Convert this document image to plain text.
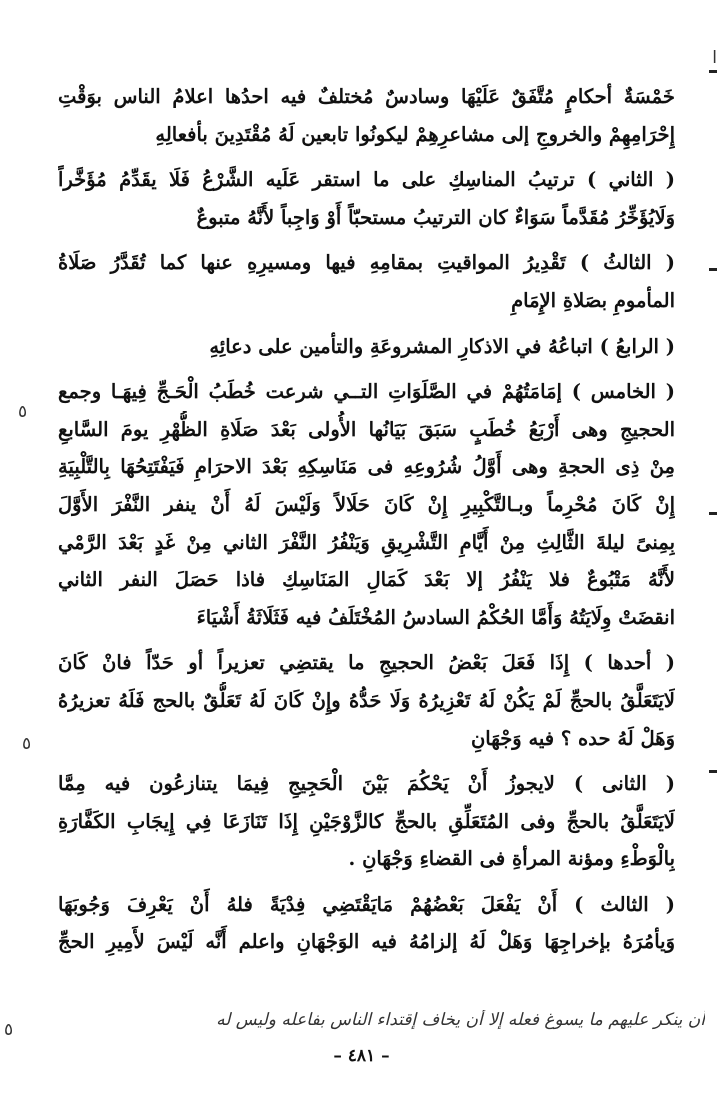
ا
٥
٥
٥
خَمْسَةٌ أحكامٍ مُتَّفَقٌ عَلَيْهَا وسادسٌ مُختلفٌ فيه احدُها اعلامُ الناس بوَقْتِ
إِحْرَامِهِمْ والخروجِ إلى مشاعرِهِمْ ليكونُوا تابعين لَهُ مُقْتَدِينَ بأفعالِهِ
( الثاني ) ترتيبُ المناسِكِ على ما استقر عَلَيه الشَّرْعُ فَلَا يقَدِّمُ مُؤَخَّراً
وَلَايُؤَخِّرُ مُقَدَّماً سَوَاءٌ كان الترتيبُ مستحبّاً أَوْ وَاجِباً لأَنَّهُ متبوعٌ
( الثالثُ ) تَقْدِيرُ المواقيتِ بمقامِهِ فيها ومسيرِهِ عنها كما تُقَدَّرُ صَلَاةُ
المأمومِ بصَلاةِ الإِمَامِ
( الرابعُ ) اتباعُهُ في الاذكارِ المشروعَةِ والتأمين على دعائِهِ
( الخامس ) إمَامَتُهُمْ في الصَّلَوَاتِ التــي شرعت خُطَبُ الْحَـجِّ فِيهَـا وجمع
الحجيجِ وهى أَرْبَعُ خُطَبٍ سَبَقَ بَيَانُها الأُولى بَعْدَ صَلَاةِ الظُّهْرِ يومَ السَّابعِ
مِنْ ذِى الحجةِ وهى أَوَّلُ شُرُوعِهِ فى مَنَاسِكِهِ بَعْدَ الاحرَامِ فَيَفْتَتِحُهَا بِالتَّلْبِيَةِ
إِنْ كَانَ مُحْرِماً وبـالتَّكْبِيرِ إِنْ كَانَ حَلَالاً وَلَيْسَ لَهُ أَنْ ينفر النَّفْرَ الأَوَّلَ
بِمِنىً ليلةَ الثَّالِثِ مِنْ أَيَّامِ التَّشْرِيقِ وَيَنْفُرُ النَّفْرَ الثاني مِنْ غَدٍ بَعْدَ الرَّمْي
لأَنَّهُ مَتْبُوعٌ فلا يَنْفُرُ إلا بَعْدَ كَمَالِ المَنَاسِكِ فاذا حَصَلَ النفر الثاني
انقضَتْ وِلَايَتُهُ وَأَمَّا الحُكْمُ السادسُ المُخْتَلَفُ فيه فَثَلَاثَةُ أَشْيَاءَ
( أحدها ) إِذَا فَعَلَ بَعْضُ الحجيجِ ما يقتضِي تعزيراً أو حَدّاً فانْ كَانَ
لَايَتَعَلَّقُ بالحجِّ لَمْ يَكُنْ لَهُ تَعْزِيرُهُ وَلَا حَدُّهُ وإِنْ كَانَ لَهُ تَعَلُّقٌ بالحج فَلَهُ تعزيرُهُ
وَهَلْ لَهُ حده ؟ فيه وَجْهَانِ
( الثانى ) لايجوزُ أَنْ يَحْكُمَ بَيْنَ الْحَجِيجِ فِيمَا يتنازعُون فيه مِمَّا
لَايَتَعَلَّقُ بالحجِّ وفى المُتَعَلِّقِ بالحجِّ كالزَّوْجَيْنِ إِذَا تَنَازَعَا فِي إِيجَابِ الكَفَّارَةِ
بِالْوَطْءِ ومؤنة المرأةِ فى القضاءِ وَجْهَانِ .
( الثالث ) أَنْ يَفْعَلَ بَعْضُهُمْ مَايَقْتَضِي فِدْيَةً فلهُ أَنْ يَعْرِفَ وَجُوبَهَا
وَيأمُرَهُ بإخراجِهَا وَهَلْ لَهُ إلزامُهُ فيه الوَجْهَانِ واعلم أَنَّه لَيْسَ لأَمِيرِ الحجِّ
أن ينكر عليهم ما يسوغ فعله إلا أن يخاف إقتداء الناس بفاعله وليس له
– ٤٨١ –
